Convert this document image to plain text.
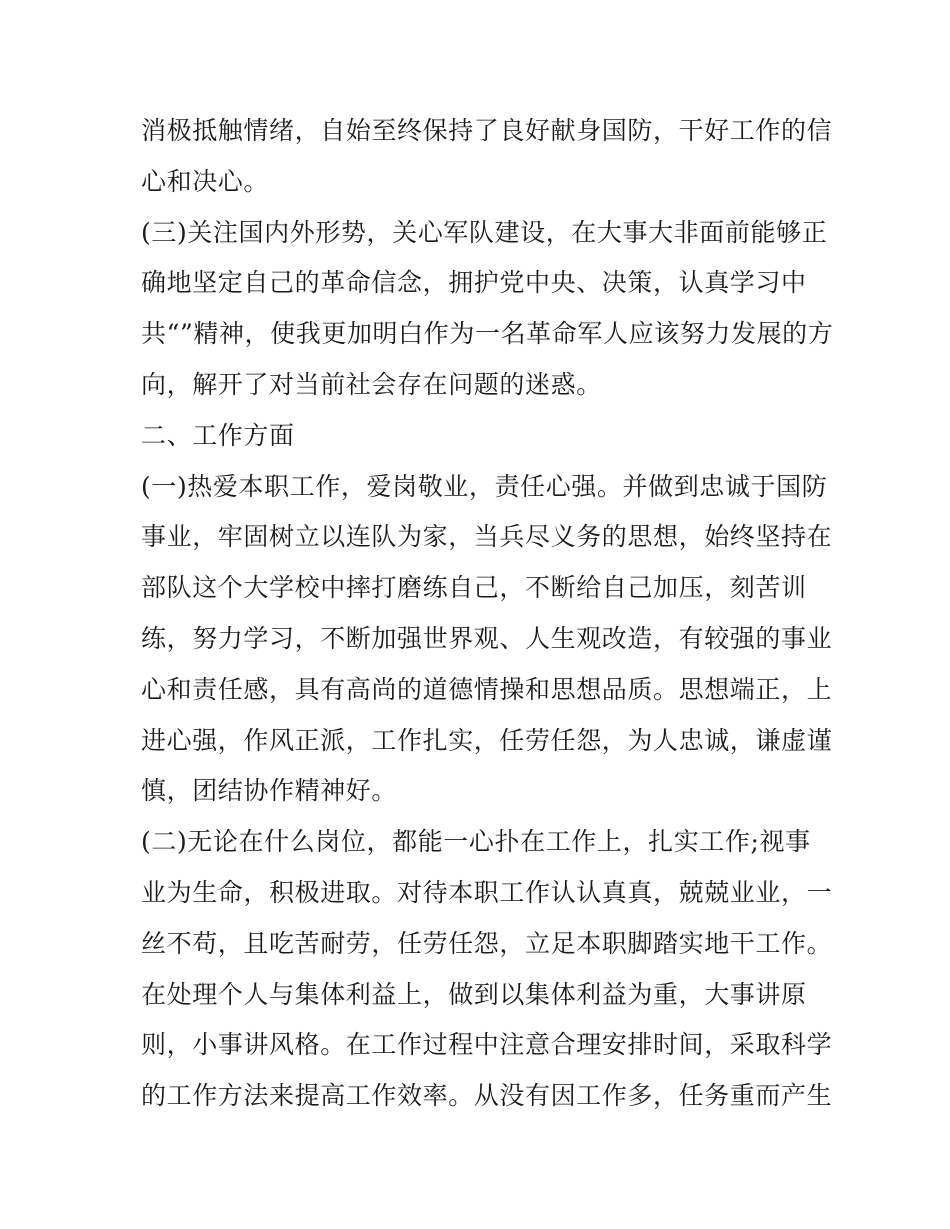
消极抵触情绪，自始至终保持了良好献身国防，干好工作的信
心和决心。
(三)关注国内外形势，关心军队建设，在大事大非面前能够正
确地坚定自己的革命信念，拥护党中央、决策，认真学习中
共“”精神，使我更加明白作为一名革命军人应该努力发展的方
向，解开了对当前社会存在问题的迷惑。
二、工作方面
(一)热爱本职工作，爱岗敬业，责任心强。并做到忠诚于国防
事业，牢固树立以连队为家，当兵尽义务的思想，始终坚持在
部队这个大学校中摔打磨练自己，不断给自己加压，刻苦训
练，努力学习，不断加强世界观、人生观改造，有较强的事业
心和责任感，具有高尚的道德情操和思想品质。思想端正，上
进心强，作风正派，工作扎实，任劳任怨，为人忠诚，谦虚谨
慎，团结协作精神好。
(二)无论在什么岗位，都能一心扑在工作上，扎实工作;视事
业为生命，积极进取。对待本职工作认认真真，兢兢业业，一
丝不苟，且吃苦耐劳，任劳任怨，立足本职脚踏实地干工作。
在处理个人与集体利益上，做到以集体利益为重，大事讲原
则，小事讲风格。在工作过程中注意合理安排时间，采取科学
的工作方法来提高工作效率。从没有因工作多，任务重而产生
